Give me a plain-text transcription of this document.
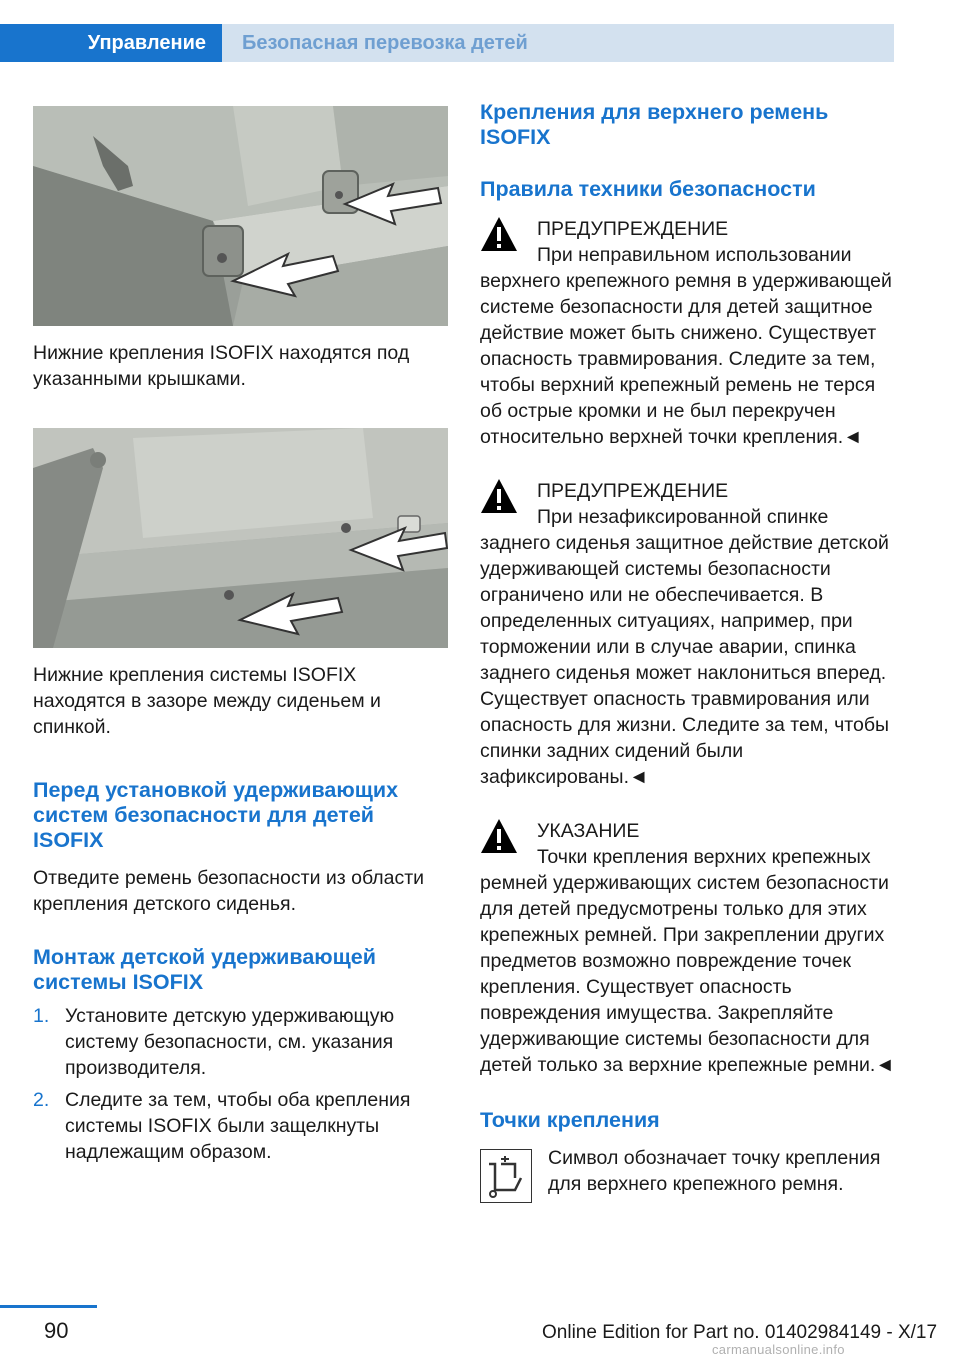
Управление	Безопасная перевозка детей

Нижние крепления ISOFIX находятся под указанными крышками.

Нижние крепления системы ISOFIX находятся в зазоре между сиденьем и спинкой.

Перед установкой удерживающих систем безопасности для детей ISOFIX

Отведите ремень безопасности из области крепления детского сиденья.

Монтаж детской удерживающей системы ISOFIX
1. Установите детскую удерживающую систему безопасности, см. указания производителя.
2. Следите за тем, чтобы оба крепления системы ISOFIX были защелкнуты надлежащим образом.
Крепления для верхнего ремень ISOFIX
Правила техники безопасности
ПРЕДУПРЕЖДЕНИЕ

При неправильном использовании верхнего крепежного ремня в удерживающей системе безопасности для детей защитное действие может быть снижено. Существует опасность травмирования. Следите за тем, чтобы верхний крепежный ремень не терся об острые кромки и не был перекручен относительно верхней точки крепления.◄

ПРЕДУПРЕЖДЕНИЕ

При незафиксированной спинке заднего сиденья защитное действие детской удерживающей системы безопасности ограничено или не обеспечивается. В определенных ситуациях, например, при торможении или в случае аварии, спинка заднего сиденья может наклониться вперед. Существует опасность травмирования или опасность для жизни. Следите за тем, чтобы спинки задних сидений были зафиксированы.◄

УКАЗАНИЕ

Точки крепления верхних крепежных ремней удерживающих систем безопасности для детей предусмотрены только для этих крепежных ремней. При закреплении других предметов возможно повреждение точек крепления. Существует опасность повреждения имущества. Закрепляйте удерживающие системы безопасности для детей только за верхние крепежные ремни.◄

Точки крепления

Символ обозначает точку крепления для верхнего крепежного ремня.

90	Online Edition for Part no. 01402984149 - X/17
carmanualsonline.info
